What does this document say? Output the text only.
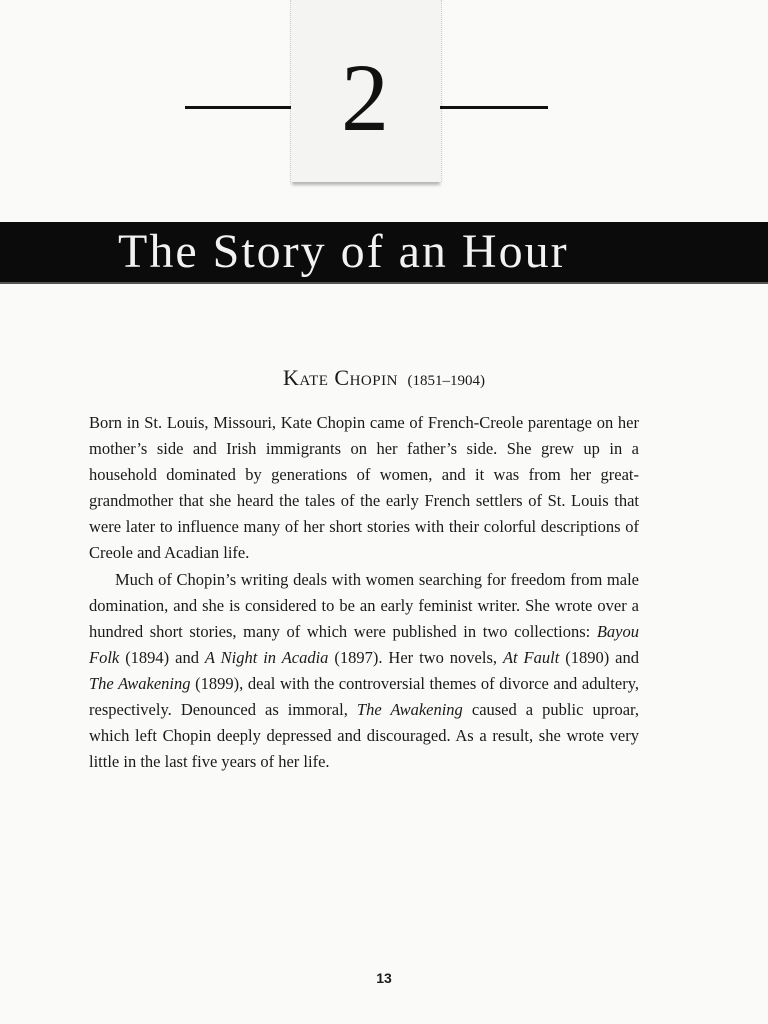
2
The Story of an Hour
Kate Chopin (1851–1904)

Born in St. Louis, Missouri, Kate Chopin came of French-Creole parentage on her mother’s side and Irish immigrants on her father’s side. She grew up in a household dominated by generations of women, and it was from her great-grandmother that she heard the tales of the early French settlers of St. Louis that were later to influence many of her short stories with their colorful descriptions of Creole and Acadian life.

Much of Chopin’s writing deals with women searching for freedom from male domination, and she is considered to be an early feminist writer. She wrote over a hundred short stories, many of which were published in two collections: Bayou Folk (1894) and A Night in Acadia (1897). Her two novels, At Fault (1890) and The Awakening (1899), deal with the controversial themes of divorce and adultery, respectively. Denounced as immoral, The Awakening caused a public uproar, which left Chopin deeply depressed and discouraged. As a result, she wrote very little in the last five years of her life.

13
